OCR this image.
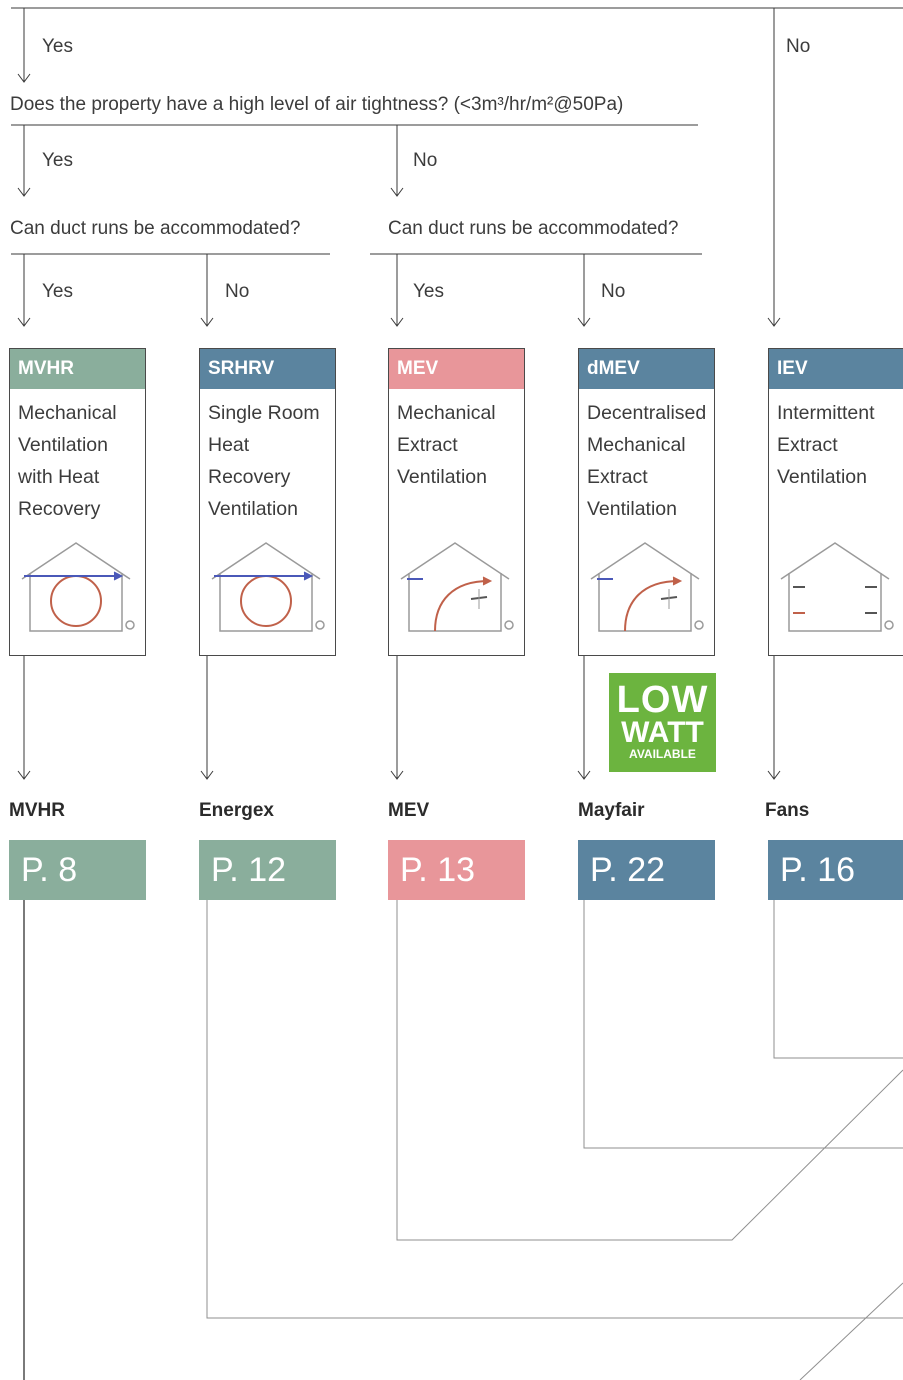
Yes	No
Does the property have a high level of air tightness? (<3m³/hr/m²@50Pa)
Yes	No
Can duct runs be accommodated?	Can duct runs be accommodated?
Yes	No	Yes	No
MVHR
Mechanical
Ventilation
with Heat
Recovery
SRHRV
Single Room
Heat Recovery
Ventilation
MEV
Mechanical
Extract
Ventilation
dMEV
Decentralised
Mechanical
Extract
Ventilation
IEV
Intermittent
Extract
Ventilation
LOW
WATT
AVAILABLE
MVHR	Energex	MEV	Mayfair	Fans
P. 8	P. 12	P. 13	P. 22	P. 16
